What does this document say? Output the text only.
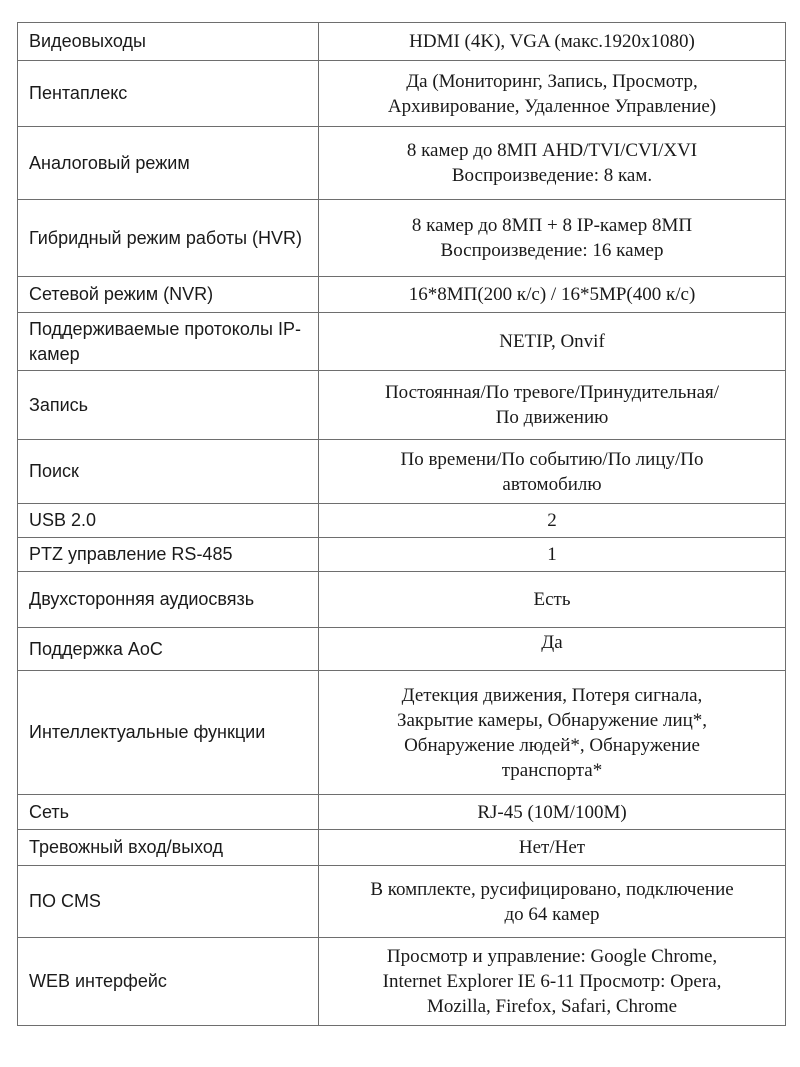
Видеовыходы	HDMI (4K), VGA (макс.1920x1080)

Пентаплекс	Да (Мониторинг, Запись, Просмотр,
Архивирование, Удаленное Управление)

Аналоговый режим	8 камер до 8МП AHD/TVI/CVI/XVI
Воспроизведение: 8 кам.

Гибридный режим работы (HVR)	8 камер до 8МП + 8 IP-камер 8МП
Воспроизведение: 16 камер

Сетевой режим (NVR)	16*8МП(200 к/с) / 16*5MP(400 к/с)

Поддерживаемые протоколы IP-камер	NETIP, Onvif

Запись	Постоянная/По тревоге/Принудительная/
По движению

Поиск	По времени/По событию/По лицу/По
автомобилю

USB 2.0	2

PTZ управление RS-485	1

Двухсторонняя аудиосвязь	Есть

Поддержка AoC	Да

Интеллектуальные функции	Детекция движения, Потеря сигнала,
Закрытие камеры, Обнаружение лиц*,
Обнаружение людей*, Обнаружение
транспорта*

Сеть	RJ-45 (10M/100M)

Тревожный вход/выход	Нет/Нет

ПО CMS	В комплекте, русифицировано, подключение
до 64 камер

WEB интерфейс	Просмотр и управление: Google Chrome,
Internet Explorer IE 6-11 Просмотр: Opera,
Mozilla, Firefox, Safari, Chrome
